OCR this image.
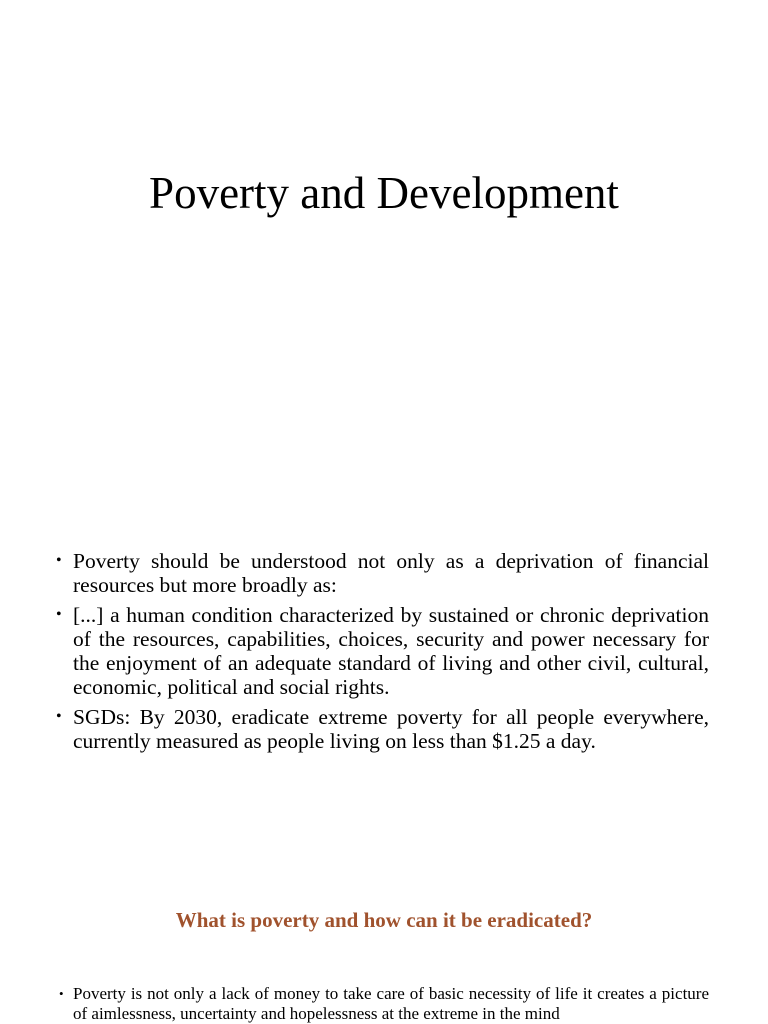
Poverty and Development
• Poverty should be understood not only as a deprivation of financial resources but more broadly as:
• [...] a human condition characterized by sustained or chronic deprivation of the resources, capabilities, choices, security and power necessary for the enjoyment of an adequate standard of living and other civil, cultural, economic, political and social rights.
• SGDs: By 2030, eradicate extreme poverty for all people everywhere, currently measured as people living on less than $1.25 a day.
What is poverty and how can it be eradicated?
• Poverty is not only a lack of money to take care of basic necessity of life it creates a picture of aimlessness, uncertainty and hopelessness at the extreme in the mind
